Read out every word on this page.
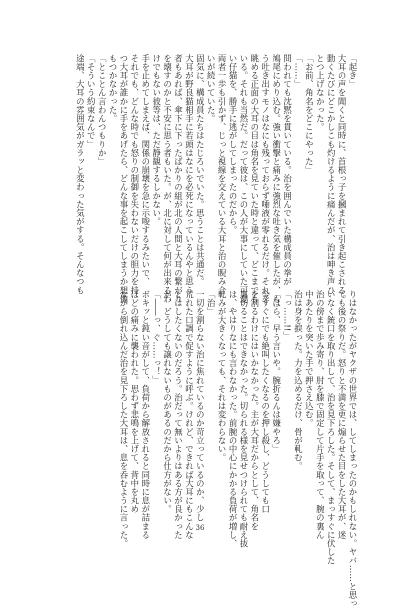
「起き」
大耳の声を聞くと同時に、首根っ子を摑まれて引き起こされる。
動くたびにどこかしこも灼けるように痛んだが、治は呻き声ひ
とつ上げなかった。
「お前、角名をどこにやった」
「……」
問われても沈黙を貫いている。治を囲んでいた構成員の拳が
鳩尾にめり込む。強い衝撃と痛みに強烈な吐き気を催したが、も
う吐き出すモノはなにも残っておらず唾液が零れるだけ。それを
眺める正面の大耳の目は角名を見ていた時と違って、どこまでも
いる。それも当然だ。だって彼は、この人が大事にしていた可愛
い仔猫を、勝手に逃がしてしまったのだから。
両者一歩も引かず、じっと視線を交えている大耳と治の睨み合
いが続いていた。
固気に、構成員たちはたじろいでいた。思うことは共通だ。
大耳が野良猫相手に若頭はなにを必死になっているんやと思う
者もあれば、傘下に下ったばかりの組が北の人間と大耳の繋がり
を壊すのかと不安に思う者もいた。が、北に対して何が出来るわ
けでもない彼等は、ただ静観するしかない。
手を止めてしまえば、関係の崩壊を急に示唆するみたいで、
それでも、どんな時でも怒りの制御を失わないだけの胆力を持
つ大耳が誰かに手をあげたら、どんな事を起こしてしまうか想像
もつかなかった。
「とことん言わんつもりか」
「そういう約束なんで」
途端、大耳の雰囲気がガラッと変わった気がする。そんなつも
りはなかったがヤクザの世界では、してしまったのかもしれない。ヤバ……と思っ
ても後の祭りだ。怒りと不満を更に煽らせた目をした大耳が、迷
いなく銃口を取り出して、治を見下ろした。そして、まっすぐに伏した
治の傍まで歩み寄り、肘を膝で固定して片手を取って、腕の裏ん
中あたりを突いた手で押さえ込む。
治は身を捩った。力を込めるだけ、骨が軋む。
「っ……!!」
「ほら、早う言いや。腕折るんは嫌やろ」
今すぐにでも絶叫したくなるのを押し殺し、どうしても口
を割るわけにはいかなかった。主が大耳だからとして、角名を
裏切ることはできなかった。切られる様を見せつけられても耐え抜
は、やはりなにも言わなかった。前腕の中心にかかる負荷が増し、
軋みが大きくなっても、それは変わらない。
「治」
一切を割らない治に焦れているのか苛立っているのか、少し
荒れた口調で促すように呼ぶ。けれど、できれば大耳にもこんな
とはしたくないのだろう。治だって無いよりはある方が良かった
が、どうしても譲れないものがあるのだから仕方がない。
「――っ、ぐ……っ！」
ボキッと鈍い音がして、負荷から解放されると同時に息が詰まる
ほどの痛みに襲われた。思わず悲鳴を上げて、背中を丸め
ながら倒れ込んだ治を見下ろした大耳は、息を呑むように言った。	36
